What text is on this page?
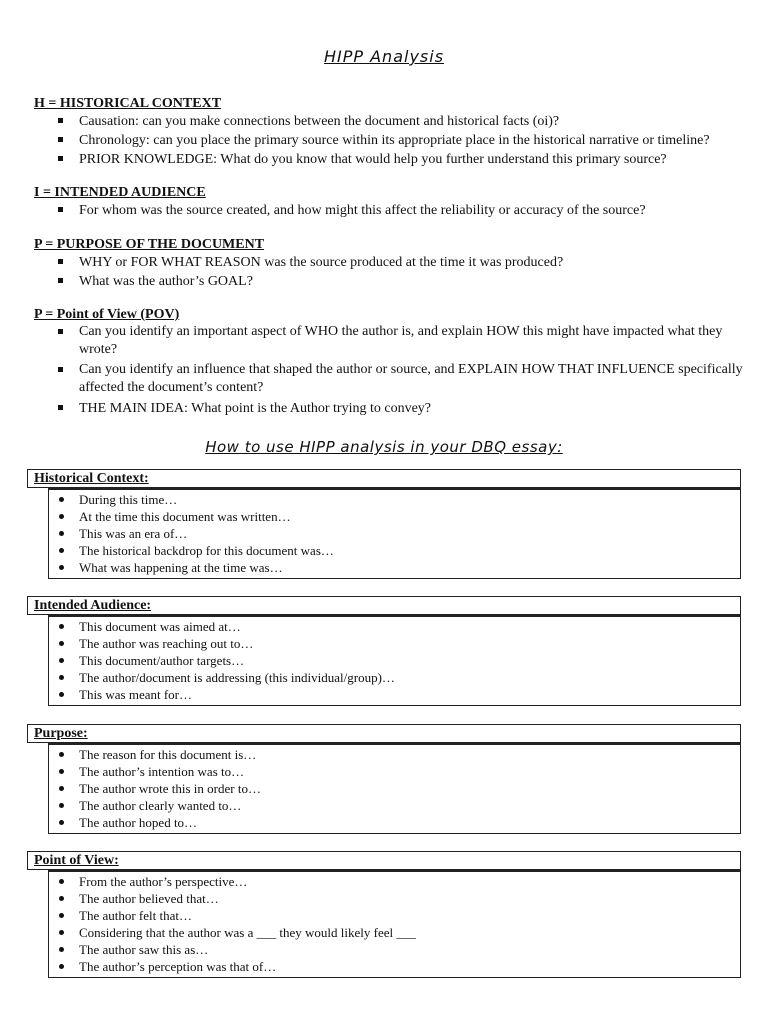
HIPP Analysis
H = HISTORICAL CONTEXT
Causation: can you make connections between the document and historical facts (oi)?
Chronology: can you place the primary source within its appropriate place in the historical narrative or timeline?
PRIOR KNOWLEDGE: What do you know that would help you further understand this primary source?
I = INTENDED AUDIENCE
For whom was the source created, and how might this affect the reliability or accuracy of the source?
P = PURPOSE OF THE DOCUMENT
WHY or FOR WHAT REASON was the source produced at the time it was produced?
What was the author’s GOAL?
P = Point of View (POV)
Can you identify an important aspect of WHO the author is, and explain HOW this might have impacted what they wrote?
Can you identify an influence that shaped the author or source, and EXPLAIN HOW THAT INFLUENCE specifically affected the document’s content?
THE MAIN IDEA: What point is the Author trying to convey?
How to use HIPP analysis in your DBQ essay:
Historical Context:
During this time…
At the time this document was written…
This was an era of…
The historical backdrop for this document was…
What was happening at the time was…
Intended Audience:
This document was aimed at…
The author was reaching out to…
This document/author targets…
The author/document is addressing (this individual/group)…
This was meant for…
Purpose:
The reason for this document is…
The author’s intention was to…
The author wrote this in order to…
The author clearly wanted to…
The author hoped to…
Point of View:
From the author’s perspective…
The author believed that…
The author felt that…
Considering that the author was a ___ they would likely feel ___
The author saw this as…
The author’s perception was that of…
